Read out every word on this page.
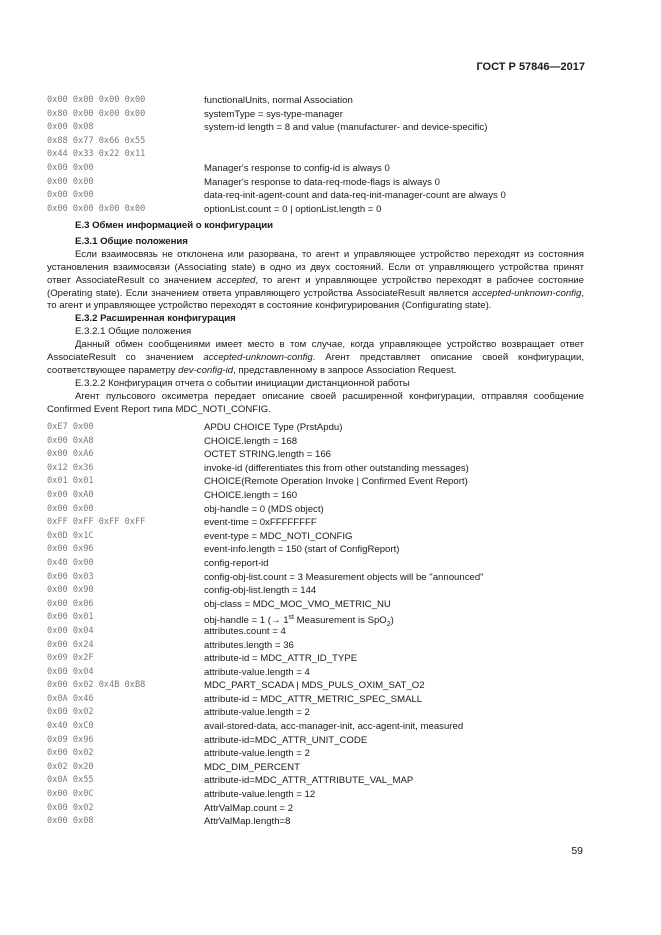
ГОСТ Р 57846—2017
0x00 0x00 0x00 0x00	functionalUnits, normal Association
0x80 0x00 0x00 0x00	systemType = sys-type-manager
0x00 0x08	system-id length = 8 and value (manufacturer- and device-specific)
0x88 0x77 0x66 0x55
0x44 0x33 0x22 0x11
0x00 0x00	Manager's response to config-id is always 0
0x00 0x00	Manager's response to data-req-mode-flags is always 0
0x00 0x00	data-req-init-agent-count and data-req-init-manager-count are always 0
0x00 0x00 0x00 0x00	optionList.count = 0 | optionList.length = 0

E.3 Обмен информацией о конфигурации

E.3.1 Общие положения

Если взаимосвязь не отклонена или разорвана, то агент и управляющее устройство переходят из состояния установления взаимосвязи (Associating state) в одно из двух состояний. Если от управляющего устройства принят ответ AssociateResult со значением accepted, то агент и управляющее устройство переходят в рабочее состояние (Operating state). Если значением ответа управляющего устройства AssociateResult является accepted-unknown-config, то агент и управляющее устройство переходят в состояние конфигурирования (Configurating state).

E.3.2 Расширенная конфигурация

E.3.2.1 Общие положения

Данный обмен сообщениями имеет место в том случае, когда управляющее устройство возвращает ответ AssociateResult со значением accepted-unknown-config. Агент представляет описание своей конфигурации, соответствующее параметру dev-config-id, представленному в запросе Association Request.

E.3.2.2 Конфигурация отчета о событии инициации дистанционной работы

Агент пульсового оксиметра передает описание своей расширенной конфигурации, отправляя сообщение Confirmed Event Report типа MDC_NOTI_CONFIG.

0xE7 0x00	APDU CHOICE Type (PrstApdu)
0x00 0xA8	CHOICE.length = 168
0x00 0xA6	OCTET STRING.length = 166
0x12 0x36	invoke-id (differentiates this from other outstanding messages)
0x01 0x01	CHOICE(Remote Operation Invoke | Confirmed Event Report)
0x00 0xA0	CHOICE.length = 160
0x00 0x00	obj-handle = 0 (MDS object)
0xFF 0xFF 0xFF 0xFF	event-time = 0xFFFFFFFF
0x0D 0x1C	event-type = MDC_NOTI_CONFIG
0x00 0x96	event-info.length = 150 (start of ConfigReport)
0x40 0x00	config-report-id
0x00 0x03	config-obj-list.count = 3 Measurement objects will be "announced"
0x00 0x90	config-obj-list.length = 144
0x00 0x06	obj-class = MDC_MOC_VMO_METRIC_NU
0x00 0x01	obj-handle = 1 (→ 1st Measurement is SpO$_2$)
0x00 0x04	attributes.count = 4
0x00 0x24	attributes.length = 36
0x09 0x2F	attribute-id = MDC_ATTR_ID_TYPE
0x00 0x04	attribute-value.length = 4
0x00 0x02 0x4B 0xB8	MDC_PART_SCADA | MDS_PULS_OXIM_SAT_O2
0x0A 0x46	attribute-id = MDC_ATTR_METRIC_SPEC_SMALL
0x00 0x02	attribute-value.length = 2
0x40 0xC0	avail-stored-data, acc-manager-init, acc-agent-init, measured
0x09 0x96	attribute-id=MDC_ATTR_UNIT_CODE
0x00 0x02	attribute-value.length = 2
0x02 0x20	MDC_DIM_PERCENT
0x0A 0x55	attribute-id=MDC_ATTR_ATTRIBUTE_VAL_MAP
0x00 0x0C	attribute-value.length = 12
0x00 0x02	AttrValMap.count = 2
0x00 0x08	AttrValMap.length=8
59
